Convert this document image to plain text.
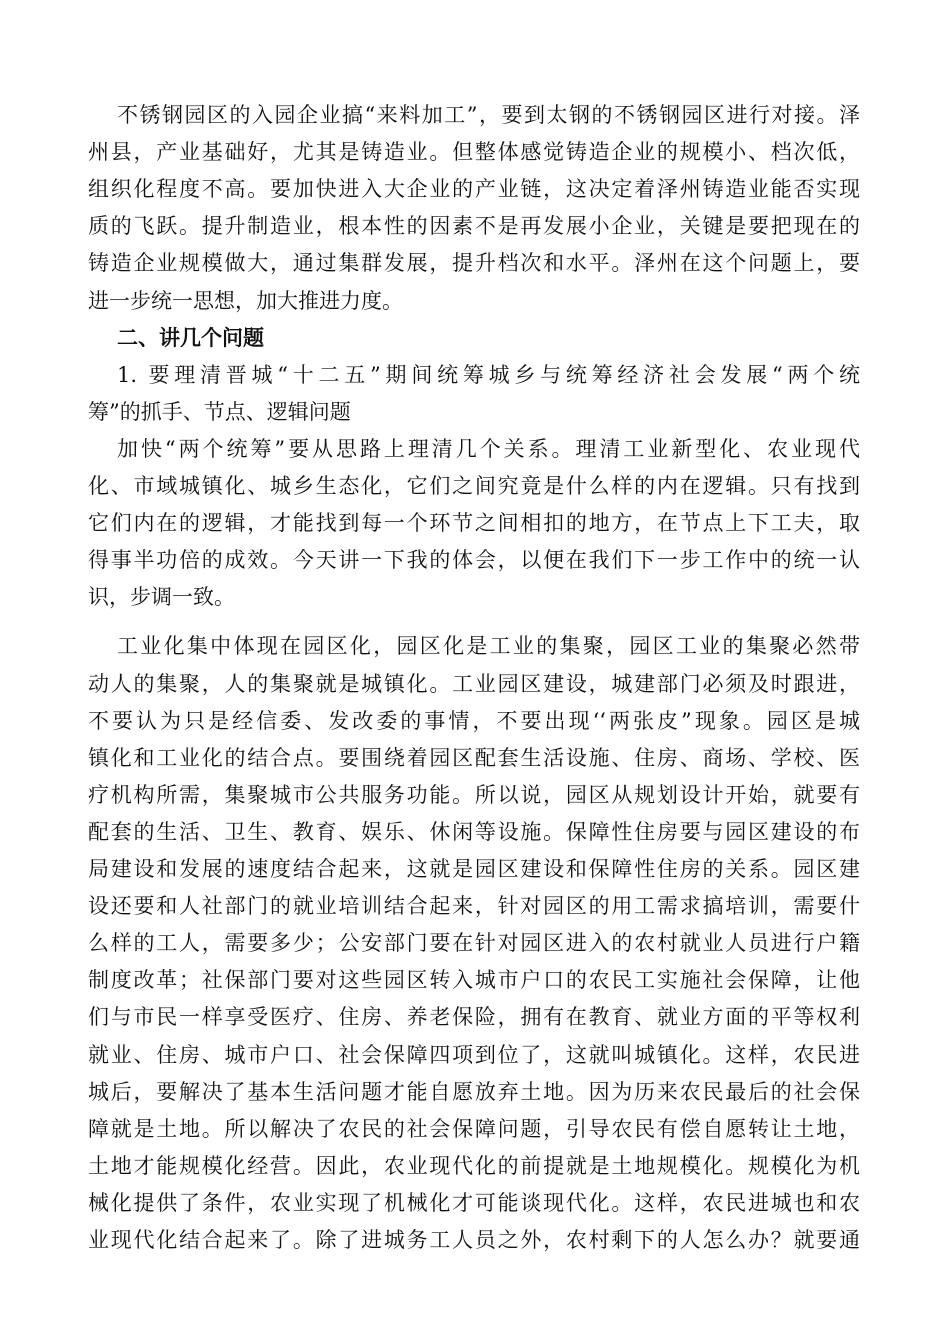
不锈钢园区的入园企业搞“来料加工”，要到太钢的不锈钢园区进行对接。泽
州县，产业基础好，尤其是铸造业。但整体感觉铸造企业的规模小、档次低，
组织化程度不高。要加快进入大企业的产业链，这决定着泽州铸造业能否实现
质的飞跃。提升制造业，根本性的因素不是再发展小企业，关键是要把现在的
铸造企业规模做大，通过集群发展，提升档次和水平。泽州在这个问题上，要
进一步统一思想，加大推进力度。
二、讲几个问题
1. 要理清晋城“十二五”期间统筹城乡与统筹经济社会发展“两个统
筹”的抓手、节点、逻辑问题
加快“两个统筹”要从思路上理清几个关系。理清工业新型化、农业现代
化、市域城镇化、城乡生态化，它们之间究竟是什么样的内在逻辑。只有找到
它们内在的逻辑，才能找到每一个环节之间相扣的地方，在节点上下工夫，取
得事半功倍的成效。今天讲一下我的体会，以便在我们下一步工作中的统一认
识，步调一致。
工业化集中体现在园区化，园区化是工业的集聚，园区工业的集聚必然带
动人的集聚，人的集聚就是城镇化。工业园区建设，城建部门必须及时跟进，
不要认为只是经信委、发改委的事情，不要出现‘‘两张皮”现象。园区是城
镇化和工业化的结合点。要围绕着园区配套生活设施、住房、商场、学校、医
疗机构所需，集聚城市公共服务功能。所以说，园区从规划设计开始，就要有
配套的生活、卫生、教育、娱乐、休闲等设施。保障性住房要与园区建设的布
局建设和发展的速度结合起来，这就是园区建设和保障性住房的关系。园区建
设还要和人社部门的就业培训结合起来，针对园区的用工需求搞培训，需要什
么样的工人，需要多少；公安部门要在针对园区进入的农村就业人员进行户籍
制度改革；社保部门要对这些园区转入城市户口的农民工实施社会保障，让他
们与市民一样享受医疗、住房、养老保险，拥有在教育、就业方面的平等权利
就业、住房、城市户口、社会保障四项到位了，这就叫城镇化。这样，农民进
城后，要解决了基本生活问题才能自愿放弃土地。因为历来农民最后的社会保
障就是土地。所以解决了农民的社会保障问题，引导农民有偿自愿转让土地，
土地才能规模化经营。因此，农业现代化的前提就是土地规模化。规模化为机
械化提供了条件，农业实现了机械化才可能谈现代化。这样，农民进城也和农
业现代化结合起来了。除了进城务工人员之外，农村剩下的人怎么办？就要通
